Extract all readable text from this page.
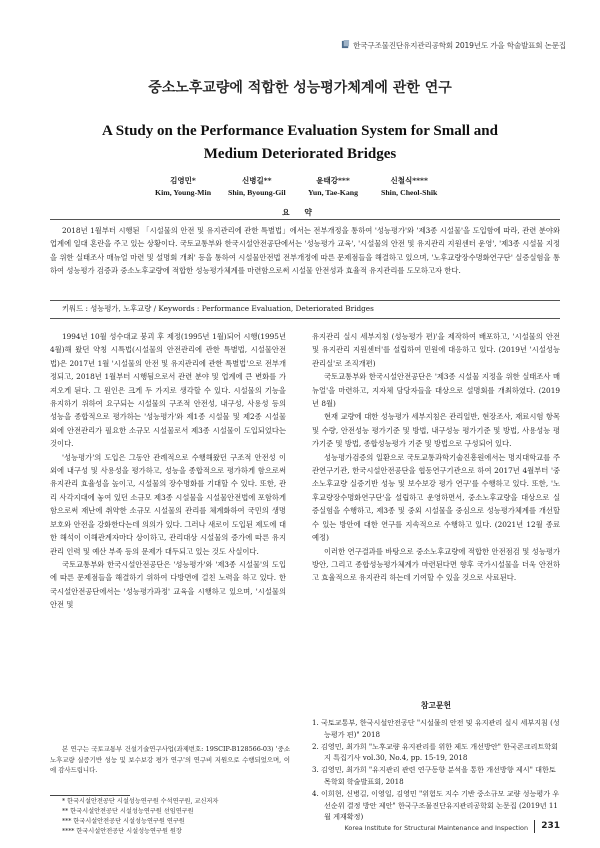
한국구조물진단유지관리공학회 2019년도 가을 학술발표회 논문집
중소노후교량에 적합한 성능평가체계에 관한 연구
A Study on the Performance Evaluation System for Small and Medium Deteriorated Bridges
김영민*
Kim, Young-Min
신병길**
Shin, Byoung-Gil
윤태강***
Yun, Tae-Kang
신철식****
Shin, Cheol-Shik
요 약

2018년 1월부터 시행된 「시설물의 안전 및 유지관리에 관한 특별법」에서는 전부개정을 통하여 '성능평가'와 '제3종 시설물'을 도입함에 따라, 관련 분야와 업계에 일대 혼란을 주고 있는 상황이다. 국토교통부와 한국시설안전공단에서는 '성능평가 교육', '시설물의 안전 및 유지관리 지원센터 운영', '제3종 시설물 지정을 위한 실태조사 매뉴얼 마련 및 설명회 개최' 등을 통하여 시설물안전법 전부개정에 따른 문제점들을 해결하고 있으며, '노후교량장수명화연구단' 실증실험을 통하여 성능평가 검증과 중소노후교량에 적합한 성능평가체계를 마련함으로써 시설물 안전성과 효율적 유지관리를 도모하고자 한다.

키워드 : 성능평가, 노후교량 / Keywords : Performance Evaluation, Deteriorated Bridges

1994년 10월 성수대교 붕괴 후 제정(1995년 1월)되어 시행(1995년 4월)해 왔던 약칭 시특법(시설물의 안전관리에 관한 특별법, 시설물안전법)은 2017년 1월 '시설물의 안전 및 유지관리에 관한 특별법'으로 전부개정되고, 2018년 1월부터 시행됨으로서 관련 분야 및 업계에 큰 변화를 가져오게 된다. 그 원인은 크게 두 가지로 생각할 수 있다. 시설물의 기능을 유지하기 위하여 요구되는 시설물의 구조적 안전성, 내구성, 사용성 등의 성능을 종합적으로 평가하는 '성능평가'와 제1종 시설물 및 제2종 시설물 외에 안전관리가 필요한 소규모 시설물로서 제3종 시설물이 도입되었다는 것이다.

'성능평가'의 도입은 그동안 관례적으로 수행해왔던 구조적 안전성 이외에 내구성 및 사용성을 평가하고, 성능을 종합적으로 평가하게 함으로써 유지관리 효율성을 높이고, 시설물의 장수명화를 기대할 수 있다. 또한, 관리 사각지대에 놓여 있던 소규모 제3종 시설물을 시설물안전법에 포함하게 함으로써 재난에 취약한 소규모 시설물의 관리를 체계화하여 국민의 생명 보호와 안전을 강화한다는데 의의가 있다. 그러나 새로이 도입된 제도에 대한 해석이 이해관계자마다 상이하고, 관리대상 시설물의 증가에 따른 유지관리 인력 및 예산 부족 등의 문제가 대두되고 있는 것도 사실이다.

국토교통부와 한국시설안전공단은 '성능평가'와 '제3종 시설물'의 도입에 따른 문제점들을 해결하기 위하여 다방면에 걸친 노력을 하고 있다. 한국시설안전공단에서는 '성능평가과정' 교육을 시행하고 있으며, '시설물의 안전 및

유지관리 실시 세부지침 (성능평가 편)'을 제작하여 배포하고, '시설물의 안전 및 유지관리 지원센터'를 설립하여 민원에 대응하고 있다. (2019년 '시설성능관리실'로 조직개편)

국토교통부와 한국시설안전공단은 '제3종 시설물 지정을 위한 실태조사 매뉴얼'을 마련하고, 지자체 담당자들을 대상으로 설명회를 개최하였다. (2019년 8월)

현재 교량에 대한 성능평가 세부지침은 관리일반, 현장조사, 재료시험 항목 및 수량, 안전성능 평가기준 및 방법, 내구성능 평가기준 및 방법, 사용성능 평가기준 및 방법, 종합성능평가 기준 및 방법으로 구성되어 있다.

성능평가검증의 일환으로 국토교통과학기술진흥원에서는 명지대학교를 주관연구기관, 한국시설안전공단을 협동연구기관으로 하여 2017년 4월부터 '중소노후교량 실증기반 성능 및 보수보강 평가 연구'를 수행하고 있다. 또한, '노후교량장수명화연구단'을 설립하고 운영하면서, 중소노후교량을 대상으로 실증실험을 수행하고, 제3종 및 중외 시설물을 중심으로 성능평가체계를 개선할 수 있는 방안에 대한 연구를 지속적으로 수행하고 있다. (2021년 12월 종료 예정)

이러한 연구결과를 바탕으로 중소노후교량에 적합한 안전점검 및 성능평가 방안, 그리고 종합성능평가체계가 마련된다면 향후 국가시설물을 더욱 안전하고 효율적으로 유지관리 하는데 기여할 수 있을 것으로 사료된다.

본 연구는 국토교통부 건설기술연구사업(과제번호: 19SCIP-B128566-03) '중소노후교량 실증기반 성능 및 보수보강 평가 연구'의 연구비 지원으로 수행되었으며, 이에 감사드립니다.

* 한국시설안전공단 시설성능연구원 수석연구원, 교신저자
** 한국시설안전공단 시설성능연구원 선임연구원
*** 한국시설안전공단 시설성능연구원 연구원
**** 한국시설안전공단 시설성능연구원 원장
참고문헌
1. 국토교통부, 한국시설안전공단 "시설물의 안전 및 유지관리 실시 세부지침 (성능평가 편)" 2018
2. 김영민, 최가희 "노후교량 유지관리를 위한 제도 개선방안" 한국콘크리트학회지 특집기사 vol.30, No.4, pp. 15-19, 2018
3. 김영민, 최가희 "유지관리 관련 연구동향 분석을 통한 개선방향 제시" 대한토목학회 학술발표회, 2018
4. 이희현, 신병길, 이영일, 김영민 "위험도 지수 기반 중소규모 교량 성능평가 우선순위 결정 방안 제안" 한국구조물진단유지관리공학회 논문집 (2019년 11월 게재확정)
Korea Institute for Structural Maintenance and Inspection 231
